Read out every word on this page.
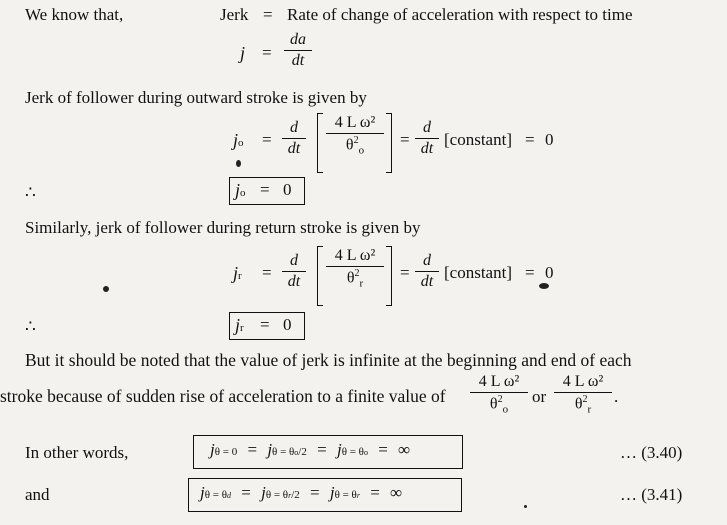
We know that,	Jerk = Rate of change of acceleration with respect to time
j =
da
dt
Jerk of follower during outward stroke is given by
jo =
d
dt
4 L ω²
$\theta^2_o$
=
d
dt [constant] = 0
∴	jo = 0
Similarly, jerk of follower during return stroke is given by
jr =
d
dt
4 L ω²
$\theta^2_r$
=
d
dt [constant] = 0
∴	jr = 0
But it should be noted that the value of jerk is infinite at the beginning and end of each
stroke because of sudden rise of acceleration to a finite value of
4 L ω²
$\theta^2_o$
or
4 L ω²
$\theta^2_r$
.
In other words,	jθ = 0 = jθ = θo/2 = jθ = θo = ∞	… (3.40)
and	jθ = θd = jθ = θr/2 = jθ = θr = ∞	… (3.41)
